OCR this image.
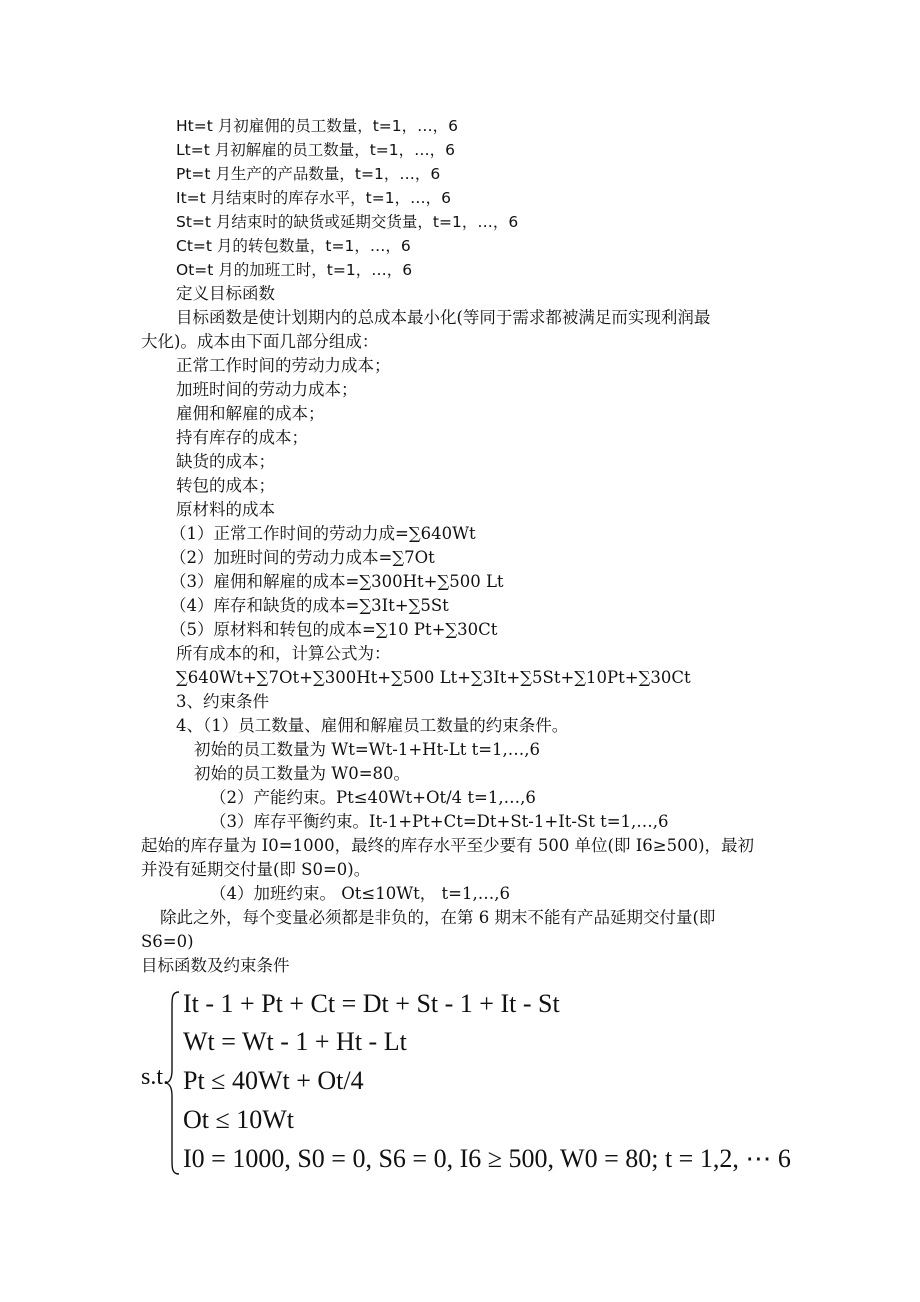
Ht=t 月初雇佣的员工数量，t=1，…，6
Lt=t 月初解雇的员工数量，t=1，…，6
Pt=t 月生产的产品数量，t=1，…，6
It=t 月结束时的库存水平，t=1，…，6
St=t 月结束时的缺货或延期交货量，t=1，…，6
Ct=t 月的转包数量，t=1，…，6
Ot=t 月的加班工时，t=1，…，6
定义目标函数
目标函数是使计划期内的总成本最小化(等同于需求都被满足而实现利润最
大化)。成本由下面几部分组成：
正常工作时间的劳动力成本；
加班时间的劳动力成本；
雇佣和解雇的成本；
持有库存的成本；
缺货的成本；
转包的成本；
原材料的成本
（1）正常工作时间的劳动力成=∑640Wt
（2）加班时间的劳动力成本=∑7Ot
（3）雇佣和解雇的成本=∑300Ht+∑500 Lt
（4）库存和缺货的成本=∑3It+∑5St
（5）原材料和转包的成本=∑10 Pt+∑30Ct
所有成本的和，计算公式为：
∑640Wt+∑7Ot+∑300Ht+∑500 Lt+∑3It+∑5St+∑10Pt+∑30Ct
3、约束条件
4、（1）员工数量、雇佣和解雇员工数量的约束条件。
初始的员工数量为 Wt=Wt-1+Ht-Lt t=1,…,6
初始的员工数量为 W0=80。
（2）产能约束。Pt≤40Wt+Ot/4 t=1,…,6
（3）库存平衡约束。It-1+Pt+Ct=Dt+St-1+It-St t=1,…,6
起始的库存量为 I0=1000，最终的库存水平至少要有 500 单位(即 I6≥500)，最初
并没有延期交付量(即 S0=0)。
（4）加班约束。 Ot≤10Wt， t=1,…,6
除此之外，每个变量必须都是非负的，在第 6 期末不能有产品延期交付量(即
S6=0)
目标函数及约束条件
s.t.
It - 1 + Pt + Ct = Dt + St - 1 + It - St
Wt = Wt - 1 + Ht - Lt
Pt ≤ 40Wt + Ot/4
Ot ≤ 10Wt
I0 = 1000, S0 = 0, S6 = 0, I6 ≥ 500, W0 = 80; t = 1,2, ⋯ 6
